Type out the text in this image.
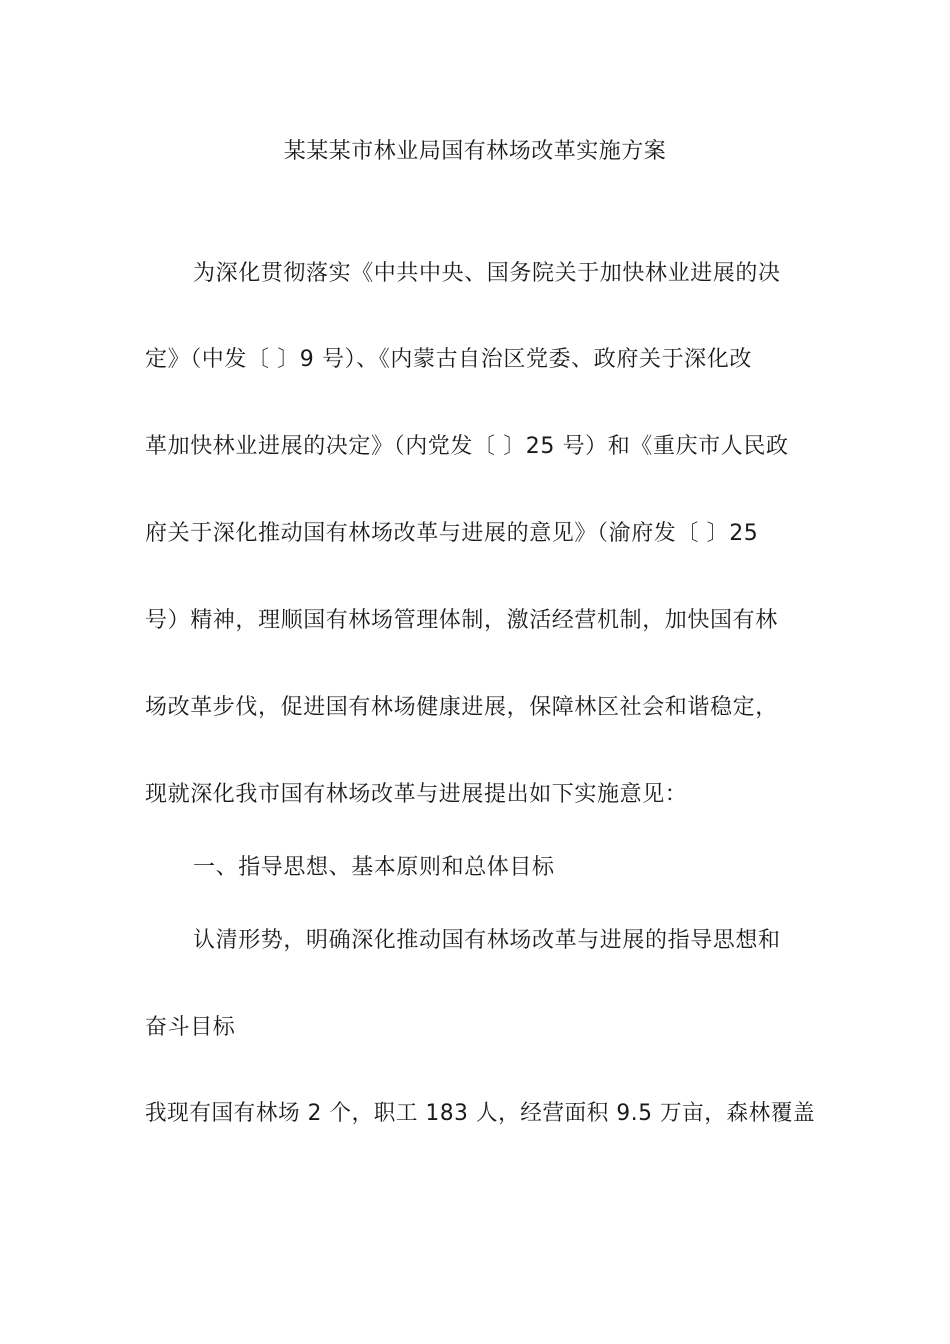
某某某市林业局国有林场改革实施方案
为深化贯彻落实《中共中央、国务院关于加快林业进展的决
定》（中发〔 〕9 号）、《内蒙古自治区党委、政府关于深化改
革加快林业进展的决定》（内党发〔 〕25 号）和《重庆市人民政
府关于深化推动国有林场改革与进展的意见》（渝府发〔 〕25
号）精神，理顺国有林场管理体制，激活经营机制，加快国有林
场改革步伐，促进国有林场健康进展，保障林区社会和谐稳定，
现就深化我市国有林场改革与进展提出如下实施意见：
一、指导思想、基本原则和总体目标
认清形势，明确深化推动国有林场改革与进展的指导思想和
奋斗目标
我现有国有林场 2 个，职工 183 人，经营面积 9.5 万亩，森林覆盖
